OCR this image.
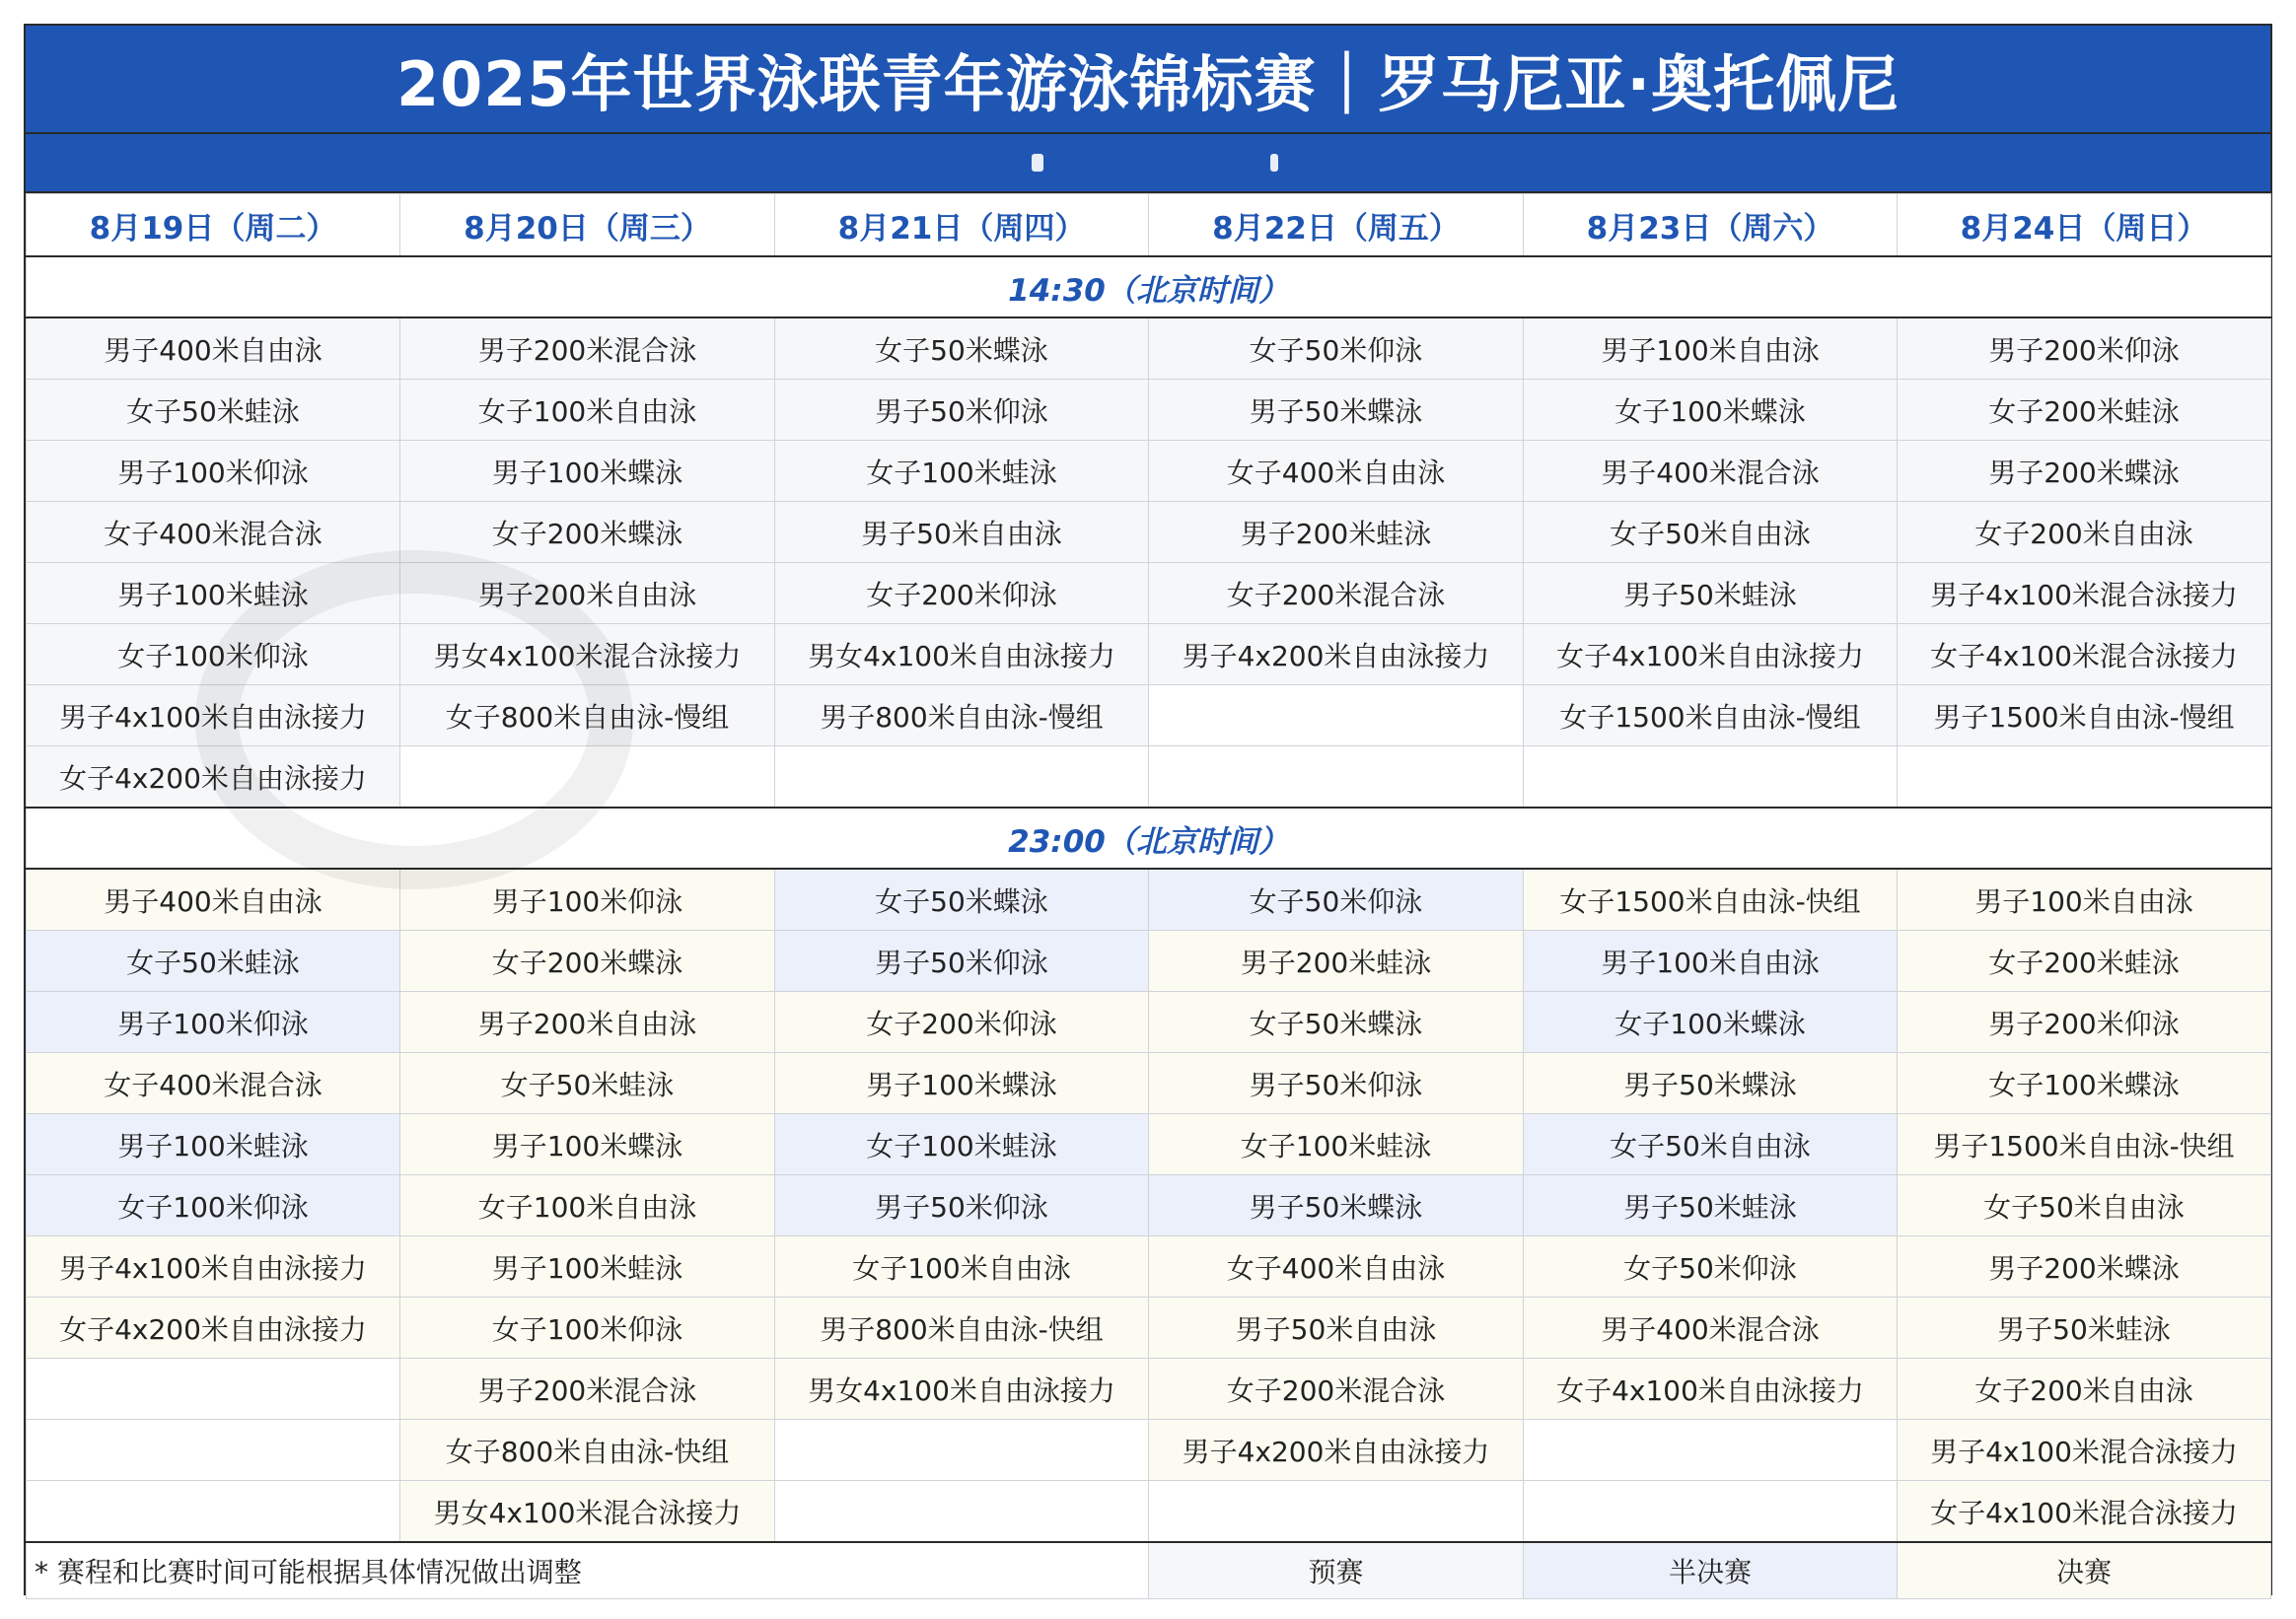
2025年世界泳联青年游泳锦标赛｜罗马尼亚·奥托佩尼
8月19日（周二）	8月20日（周三）	8月21日（周四）	8月22日（周五）	8月23日（周六）	8月24日（周日）
14:30（北京时间）					
男子400米自由泳	男子200米混合泳	女子50米蝶泳	女子50米仰泳	男子100米自由泳	男子200米仰泳
女子50米蛙泳	女子100米自由泳	男子50米仰泳	男子50米蝶泳	女子100米蝶泳	女子200米蛙泳
男子100米仰泳	男子100米蝶泳	女子100米蛙泳	女子400米自由泳	男子400米混合泳	男子200米蝶泳
女子400米混合泳	女子200米蝶泳	男子50米自由泳	男子200米蛙泳	女子50米自由泳	女子200米自由泳
男子100米蛙泳	男子200米自由泳	女子200米仰泳	女子200米混合泳	男子50米蛙泳	男子4x100米混合泳接力
女子100米仰泳	男女4x100米混合泳接力	男女4x100米自由泳接力	男子4x200米自由泳接力	女子4x100米自由泳接力	女子4x100米混合泳接力
男子4x100米自由泳接力	女子800米自由泳-慢组	男子800米自由泳-慢组		女子1500米自由泳-慢组	男子1500米自由泳-慢组
女子4x200米自由泳接力					
23:00（北京时间）					
男子400米自由泳	男子100米仰泳	女子50米蝶泳	女子50米仰泳	女子1500米自由泳-快组	男子100米自由泳
女子50米蛙泳	女子200米蝶泳	男子50米仰泳	男子200米蛙泳	男子100米自由泳	女子200米蛙泳
男子100米仰泳	男子200米自由泳	女子200米仰泳	女子50米蝶泳	女子100米蝶泳	男子200米仰泳
女子400米混合泳	女子50米蛙泳	男子100米蝶泳	男子50米仰泳	男子50米蝶泳	女子100米蝶泳
男子100米蛙泳	男子100米蝶泳	女子100米蛙泳	女子100米蛙泳	女子50米自由泳	男子1500米自由泳-快组
女子100米仰泳	女子100米自由泳	男子50米仰泳	男子50米蝶泳	男子50米蛙泳	女子50米自由泳
男子4x100米自由泳接力	男子100米蛙泳	女子100米自由泳	女子400米自由泳	女子50米仰泳	男子200米蝶泳
女子4x200米自由泳接力	女子100米仰泳	男子800米自由泳-快组	男子50米自由泳	男子400米混合泳	男子50米蛙泳
	男子200米混合泳	男女4x100米自由泳接力	女子200米混合泳	女子4x100米自由泳接力	女子200米自由泳
	女子800米自由泳-快组		男子4x200米自由泳接力		男子4x100米混合泳接力
	男女4x100米混合泳接力				女子4x100米混合泳接力
* 赛程和比赛时间可能根据具体情况做出调整			预赛	半决赛	决赛
